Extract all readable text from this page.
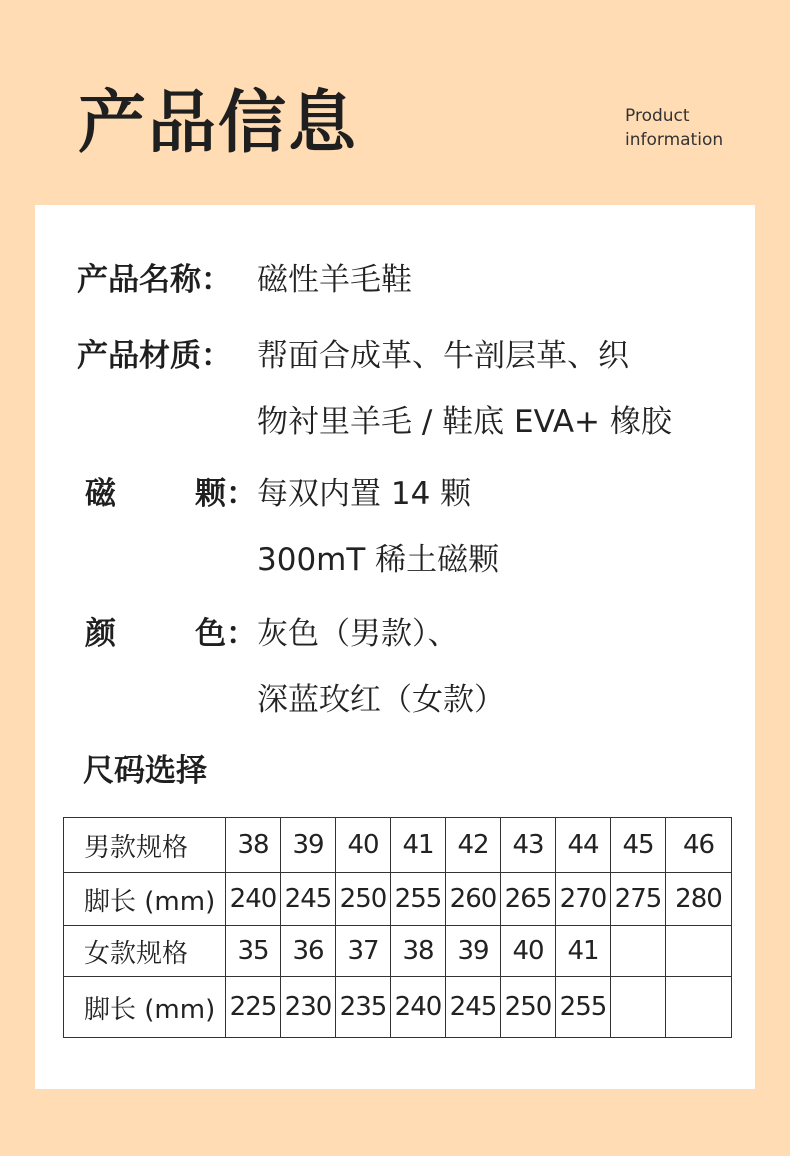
产品信息	Product
information
产品名称： 磁性羊毛鞋
产品材质： 帮面合成革、牛剖层革、织
物衬里羊毛 / 鞋底 EVA+ 橡胶
磁	颗： 每双内置 14 颗
300mT 稀土磁颗
颜	色： 灰色（男款）、
深蓝玫红（女款）
尺码选择
男款规格	38	39	40	41	42	43	44	45	46
脚长 (mm)	240	245	250	255	260	265	270	275	280
女款规格	35	36	37	38	39	40	41		
脚长 (mm)	225	230	235	240	245	250	255		
